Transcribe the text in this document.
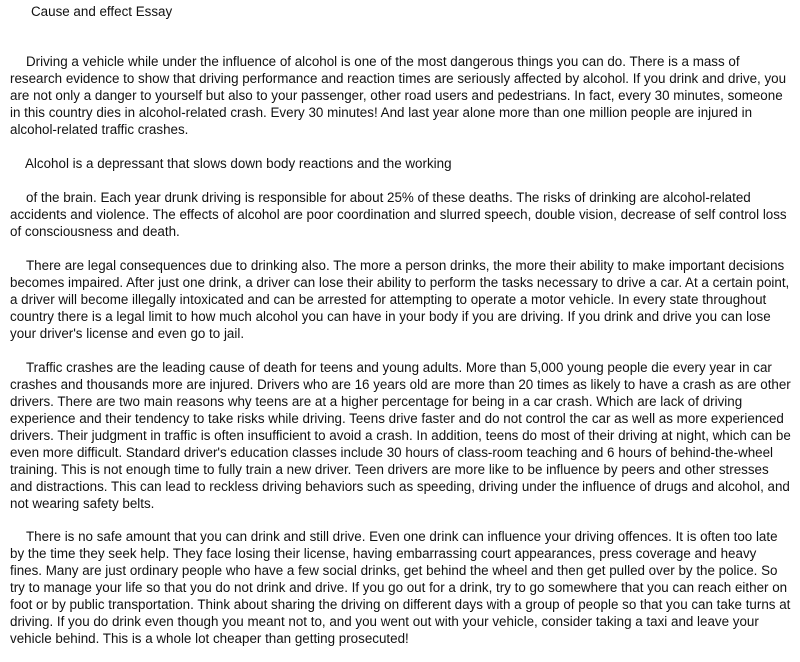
Cause and effect Essay

Driving a vehicle while under the influence of alcohol is one of the most dangerous things you can do. There is a mass of research evidence to show that driving performance and reaction times are seriously affected by alcohol. If you drink and drive, you are not only a danger to yourself but also to your passenger, other road users and pedestrians. In fact, every 30 minutes, someone in this country dies in alcohol-related crash. Every 30 minutes! And last year alone more than one million people are injured in alcohol-related traffic crashes.

Alcohol is a depressant that slows down body reactions and the working

of the brain. Each year drunk driving is responsible for about 25% of these deaths. The risks of drinking are alcohol-related accidents and violence. The effects of alcohol are poor coordination and slurred speech, double vision, decrease of self control loss of consciousness and death.

There are legal consequences due to drinking also. The more a person drinks, the more their ability to make important decisions becomes impaired. After just one drink, a driver can lose their ability to perform the tasks necessary to drive a car. At a certain point, a driver will become illegally intoxicated and can be arrested for attempting to operate a motor vehicle. In every state throughout country there is a legal limit to how much alcohol you can have in your body if you are driving. If you drink and drive you can lose your driver's license and even go to jail.

Traffic crashes are the leading cause of death for teens and young adults. More than 5,000 young people die every year in car crashes and thousands more are injured. Drivers who are 16 years old are more than 20 times as likely to have a crash as are other drivers. There are two main reasons why teens are at a higher percentage for being in a car crash. Which are lack of driving experience and their tendency to take risks while driving. Teens drive faster and do not control the car as well as more experienced drivers. Their judgment in traffic is often insufficient to avoid a crash. In addition, teens do most of their driving at night, which can be even more difficult. Standard driver's education classes include 30 hours of class-room teaching and 6 hours of behind-the-wheel training. This is not enough time to fully train a new driver. Teen drivers are more like to be influence by peers and other stresses and distractions. This can lead to reckless driving behaviors such as speeding, driving under the influence of drugs and alcohol, and not wearing safety belts.

There is no safe amount that you can drink and still drive. Even one drink can influence your driving offences. It is often too late by the time they seek help. They face losing their license, having embarrassing court appearances, press coverage and heavy fines. Many are just ordinary people who have a few social drinks, get behind the wheel and then get pulled over by the police. So try to manage your life so that you do not drink and drive. If you go out for a drink, try to go somewhere that you can reach either on foot or by public transportation. Think about sharing the driving on different days with a group of people so that you can take turns at driving. If you do drink even though you meant not to, and you went out with your vehicle, consider taking a taxi and leave your vehicle behind. This is a whole lot cheaper than getting prosecuted!
